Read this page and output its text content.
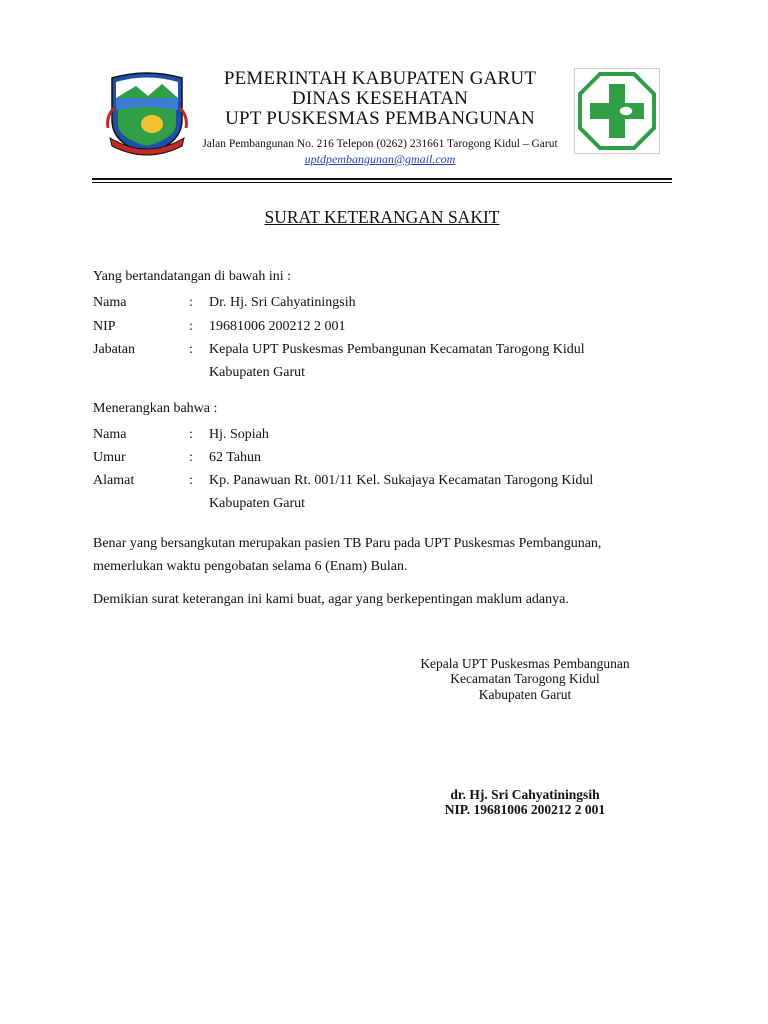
PEMERINTAH KABUPATEN GARUT
DINAS KESEHATAN
UPT PUSKESMAS PEMBANGUNAN
Jalan Pembangunan No. 216 Telepon (0262) 231661 Tarogong Kidul – Garut
uptdpembangunan@gmail.com
SURAT KETERANGAN SAKIT
Yang bertandatangan di bawah ini :
Nama	: Dr. Hj. Sri Cahyatiningsih
NIP	: 19681006 200212 2 001
Jabatan	: Kepala UPT Puskesmas Pembangunan Kecamatan Tarogong Kidul
Kabupaten Garut
Menerangkan bahwa :
Nama	: Hj. Sopiah
Umur	: 62 Tahun
Alamat	: Kp. Panawuan Rt. 001/11 Kel. Sukajaya Kecamatan Tarogong Kidul
Kabupaten Garut
Benar yang bersangkutan merupakan pasien TB Paru pada UPT Puskesmas Pembangunan,
memerlukan waktu pengobatan selama 6 (Enam) Bulan.
Demikian surat keterangan ini kami buat, agar yang berkepentingan maklum adanya.
Kepala UPT Puskesmas Pembangunan
Kecamatan Tarogong Kidul
Kabupaten Garut
dr. Hj. Sri Cahyatiningsih
NIP. 19681006 200212 2 001
